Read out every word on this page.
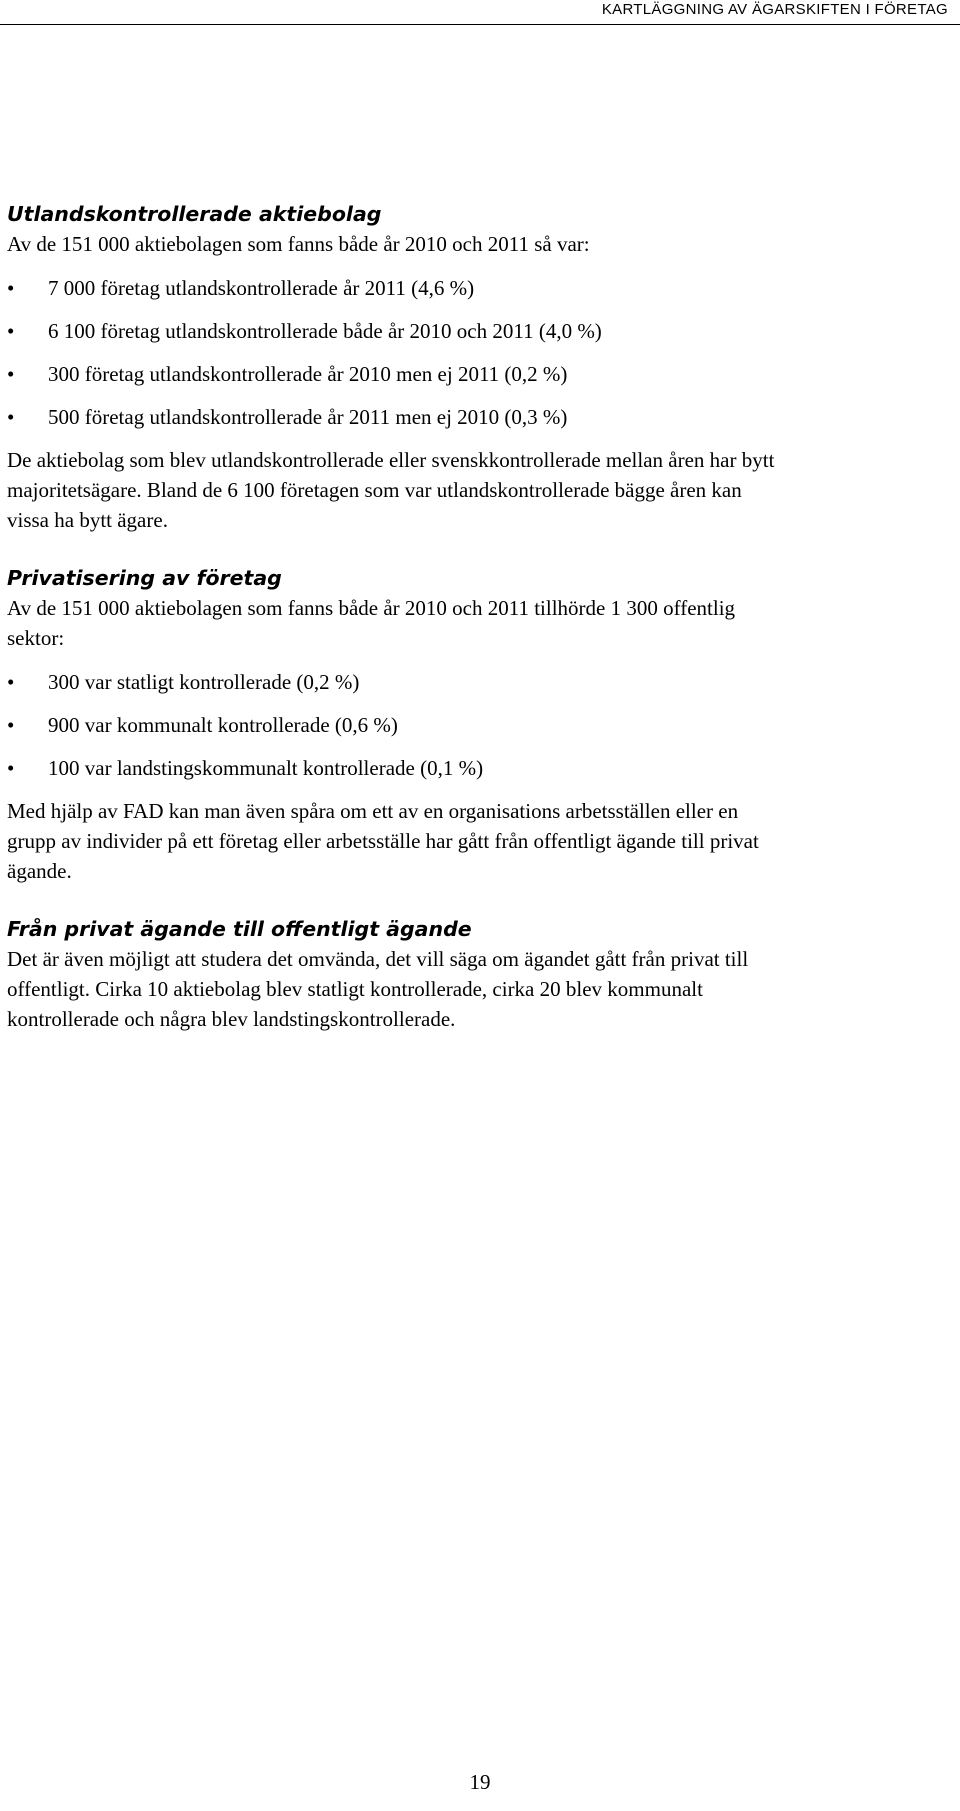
KARTLÄGGNING AV ÄGARSKIFTEN I FÖRETAG
Utlandskontrollerade aktiebolag

Av de 151 000 aktiebolagen som fanns både år 2010 och 2011 så var:

• 7 000 företag utlandskontrollerade år 2011 (4,6 %)
• 6 100 företag utlandskontrollerade både år 2010 och 2011 (4,0 %)
• 300 företag utlandskontrollerade år 2010 men ej 2011 (0,2 %)
• 500 företag utlandskontrollerade år 2011 men ej 2010 (0,3 %)

De aktiebolag som blev utlandskontrollerade eller svenskkontrollerade mellan åren har bytt

majoritetsägare. Bland de 6 100 företagen som var utlandskontrollerade bägge åren kan

vissa ha bytt ägare.

Privatisering av företag

Av de 151 000 aktiebolagen som fanns både år 2010 och 2011 tillhörde 1 300 offentlig

sektor:

• 300 var statligt kontrollerade (0,2 %)
• 900 var kommunalt kontrollerade (0,6 %)
• 100 var landstingskommunalt kontrollerade (0,1 %)

Med hjälp av FAD kan man även spåra om ett av en organisations arbetsställen eller en

grupp av individer på ett företag eller arbetsställe har gått från offentligt ägande till privat

ägande.

Från privat ägande till offentligt ägande

Det är även möjligt att studera det omvända, det vill säga om ägandet gått från privat till

offentligt. Cirka 10 aktiebolag blev statligt kontrollerade, cirka 20 blev kommunalt

kontrollerade och några blev landstingskontrollerade.

19
